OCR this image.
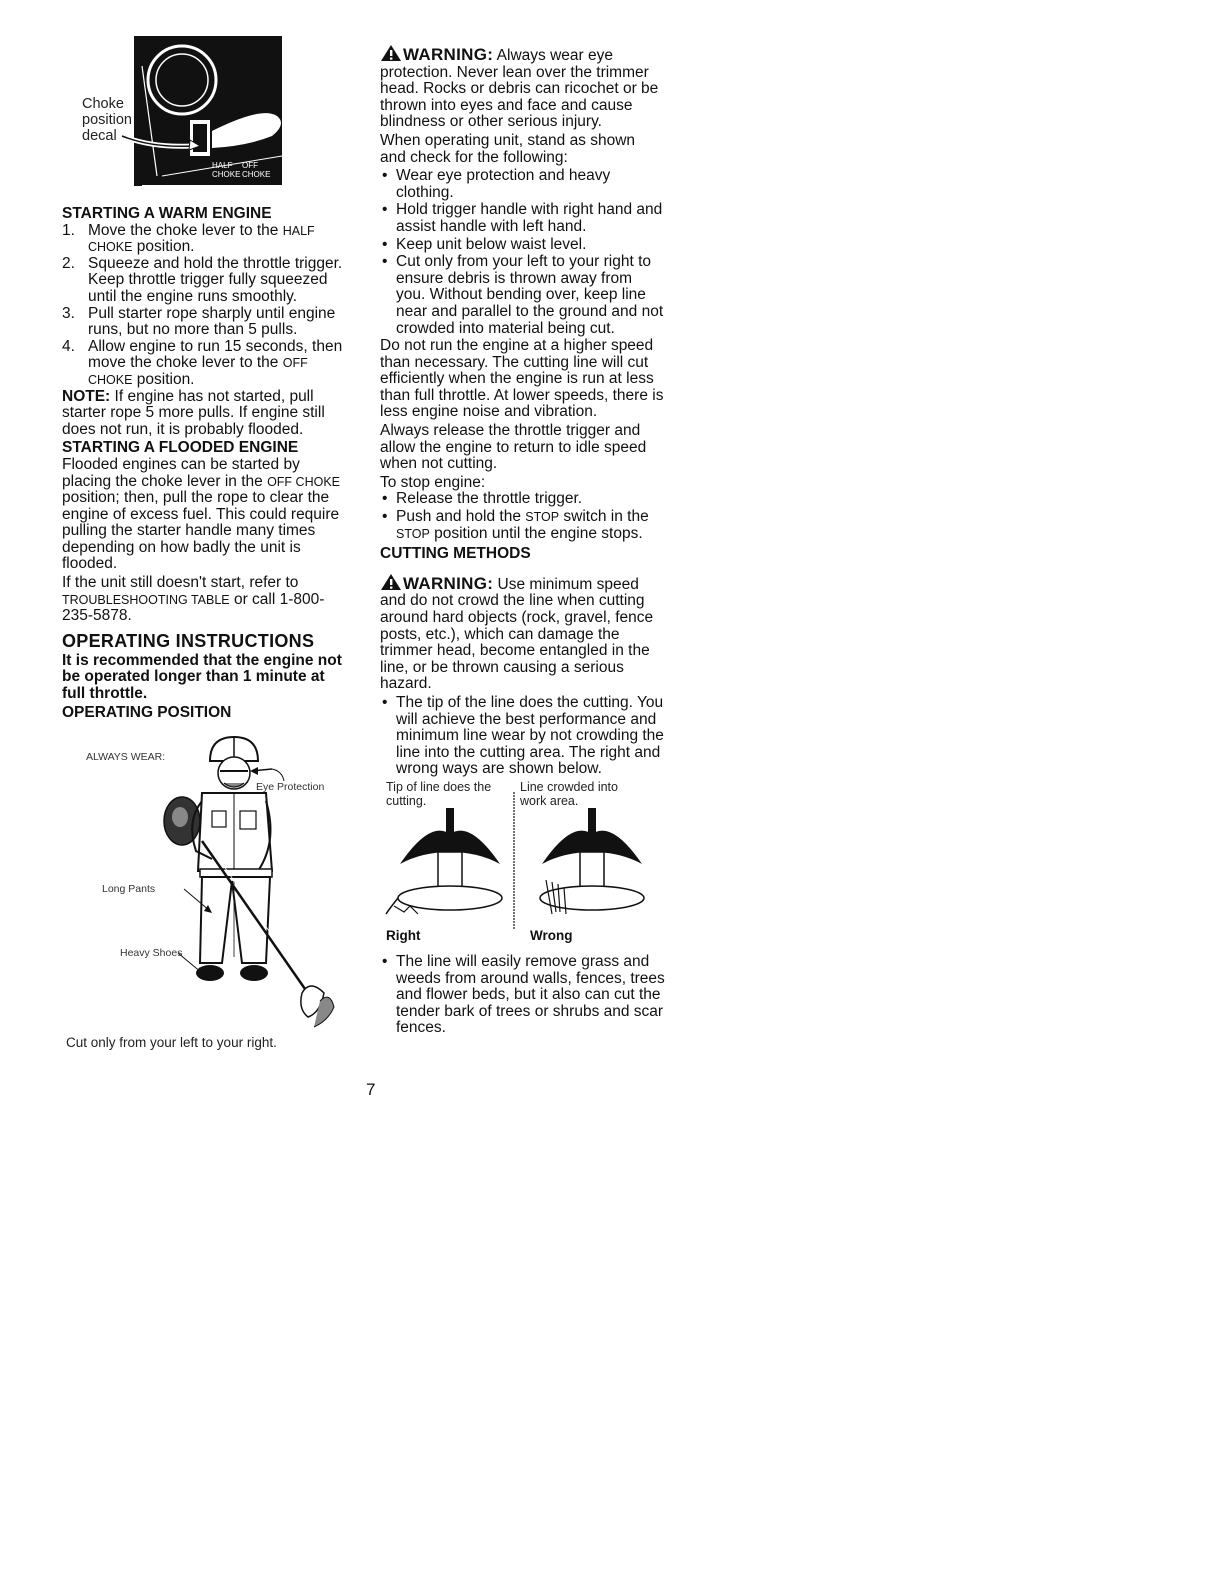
HALF
CHOKE
OFF
CHOKE
Choke
position
decal
STARTING A WARM ENGINE
1. Move the choke lever to the HALF CHOKE position.
2. Squeeze and hold the throttle trigger. Keep throttle trigger fully squeezed until the engine runs smoothly.
3. Pull starter rope sharply until engine runs, but no more than 5 pulls.
4. Allow engine to run 15 seconds, then move the choke lever to the OFF CHOKE position.

NOTE: If engine has not started, pull starter rope 5 more pulls. If engine still does not run, it is probably flooded.

STARTING A FLOODED ENGINE

Flooded engines can be started by placing the choke lever in the OFF CHOKE position; then, pull the rope to clear the engine of excess fuel. This could require pulling the starter handle many times depending on how badly the unit is flooded.

If the unit still doesn't start, refer to TROUBLESHOOTING TABLE or call 1-800-235-5878.

OPERATING INSTRUCTIONS

It is recommended that the engine not be operated longer than 1 minute at full throttle.

OPERATING POSITION
ALWAYS WEAR:
Eye Protection
Long Pants
Heavy Shoes
Cut only from your left to your right.

WARNING: Always wear eye protection. Never lean over the trimmer head. Rocks or debris can ricochet or be thrown into eyes and face and cause blindness or other serious injury.

When operating unit, stand as shown and check for the following:

• Wear eye protection and heavy clothing.
• Hold trigger handle with right hand and assist handle with left hand.
• Keep unit below waist level.
• Cut only from your left to your right to ensure debris is thrown away from you. Without bending over, keep line near and parallel to the ground and not crowded into material being cut.

Do not run the engine at a higher speed than necessary. The cutting line will cut efficiently when the engine is run at less than full throttle. At lower speeds, there is less engine noise and vibration.

Always release the throttle trigger and allow the engine to return to idle speed when not cutting.

To stop engine:

• Release the throttle trigger.
• Push and hold the STOP switch in the STOP position until the engine stops.
CUTTING METHODS

WARNING: Use minimum speed and do not crowd the line when cutting around hard objects (rock, gravel, fence posts, etc.), which can damage the trimmer head, become entangled in the line, or be thrown causing a serious hazard.

• The tip of the line does the cutting. You will achieve the best performance and minimum line wear by not crowding the line into the cutting area. The right and wrong ways are shown below.
Tip of line does the cutting.
Line crowded into work area.
Right	Wrong
• The line will easily remove grass and weeds from around walls, fences, trees and flower beds, but it also can cut the tender bark of trees or shrubs and scar fences.
7
